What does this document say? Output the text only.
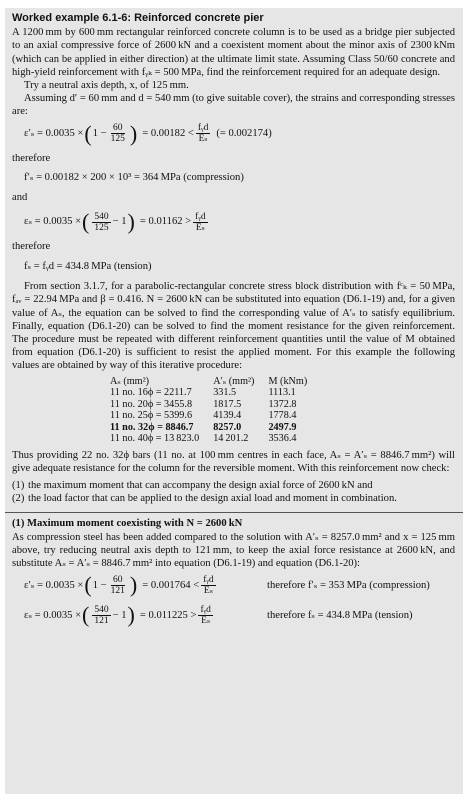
Worked example 6.1-6: Reinforced concrete pier

A 1200 mm by 600 mm rectangular reinforced concrete column is to be used as a bridge pier subjected to an axial compressive force of 2600 kN and a coexistent moment about the minor axis of 2300 kNm (which can be applied in either direction) at the ultimate limit state. Assuming Class 50/60 concrete and high-yield reinforcement with fᵧₖ = 500 MPa, find the reinforcement required for an adequate design.

Try a neutral axis depth, x, of 125 mm.

Assuming d′ = 60 mm and d = 540 mm (to give suitable cover), the strains and corresponding stresses are:

ε′ₛ = 0.0035 × ( $1 - \frac{60}{125}$ ) = $0.00182 < \frac{\text{fᵧd}}{\text{Eₛ}}$ (= 0.002174)
therefore
f′ₛ = 0.00182 × 200 × 10³ = 364 MPa (compression)
and
εₛ = 0.0035 × ( $\frac{540}{125} - 1$ ) = $0.01162 > \frac{\text{fᵧd}}{\text{Eₛ}}$
therefore
fₛ = fᵧd = 434.8 MPa (tension)

From section 3.1.7, for a parabolic-rectangular concrete stress block distribution with fᶜₖ = 50 MPa, fₐᵥ = 22.94 MPa and β = 0.416. N = 2600 kN can be substituted into equation (D6.1-19) and, for a given value of Aₛ, the equation can be solved to find the corresponding value of A′ₛ to satisfy equilibrium. Finally, equation (D6.1-20) can be solved to find the moment resistance for the given reinforcement. The procedure must be repeated with different reinforcement quantities until the value of M obtained from equation (D6.1-20) is sufficient to resist the applied moment. For this example the following values are obtained by way of this iterative procedure:

Aₛ (mm²)	A′ₛ (mm²)	M (kNm)
11 no. 16ϕ = 2211.7	331.5	1113.1
11 no. 20ϕ = 3455.8	1817.5	1372.8
11 no. 25ϕ = 5399.6	4139.4	1778.4
11 no. 32ϕ = 8846.7	8257.0	2497.9
11 no. 40ϕ = 13 823.0	14 201.2	3536.4

Thus providing 22 no. 32ϕ bars (11 no. at 100 mm centres in each face, Aₛ = A′ₛ = 8846.7 mm²) will give adequate resistance for the column for the reversible moment. With this reinforcement now check:

(1) the maximum moment that can accompany the design axial force of 2600 kN and
(2) the load factor that can be applied to the design axial load and moment in combination.
(1) Maximum moment coexisting with N = 2600 kN

As compression steel has been added compared to the solution with A′ₛ = 8257.0 mm² and x = 125 mm above, try reducing neutral axis depth to 121 mm, to keep the axial force resistance at 2600 kN, and substitute Aₛ = A′ₛ = 8846.7 mm² into equation (D6.1-19) and equation (D6.1-20):

ε′ₛ = 0.0035 × ( $1 - \frac{60}{121}$ ) = $0.001764 < \frac{\text{fᵧd}}{\text{Eₛ}}$	therefore f′ₛ = 353 MPa (compression)
εₛ = 0.0035 × ( $\frac{540}{121} - 1$ ) = $0.011225 > \frac{\text{fᵧd}}{\text{Eₛ}}$	therefore fₛ = 434.8 MPa (tension)
